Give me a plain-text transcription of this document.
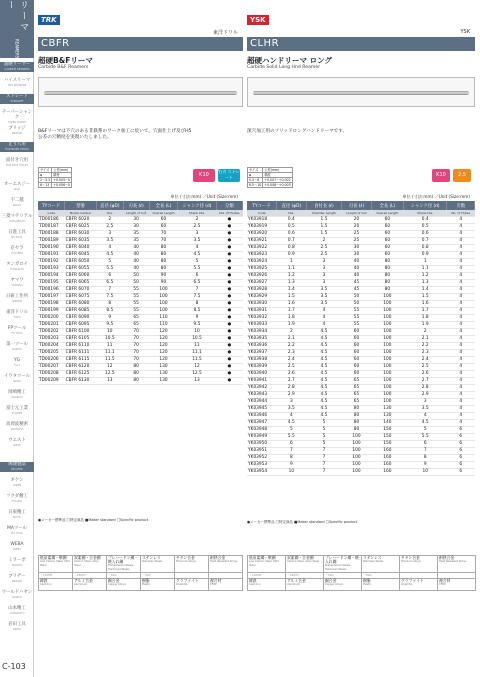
リーマー
REAMERS
超硬リーマー
CARBIDE REAMERS
ハイスリーマ
HSS REAMERS
ストレート
STRAIGHT
テーパーシャンク
TAPER SHANK
ブリッジ
BRIDGE
止り穴用
FOR BLIND HOLES
面付き穴用
FOR FACE HOLES
オーエスジー
OSG
不二越
NACHI
三菱マテリアル
MITSUBISHI
日進工具
NS TOOL
京セラ
KYOCERA
タンガロイ
TUNGALOY
ヤマワ
YAMAWA
日研工作所
NIKKEN
東洋ドリル
TOYO
FPツール
FP TOOL
第一ツール
DAIICHI
YG
YG-1
イワタツール
IWATA
岡崎精工
OKAZAKI
富士元工業
FUJIGEN
高周波精密
KOSHUHA
ウエスト
WEST
関連製品
RELATED
ギケン
GIKEN
フクダ精工
FUKUDA
日東精工
NITTO
MAツール
MA TOOL
WEBA
WEBA
ミラーポ
MIRAPO
ブリヂー
BRIDGE
ワールドハヤシ
WORLD
山本精工
YAMAMOTO
岩田工具
IWATA
C-103
TRK
東洋ドリル
CBFR
超硬B&Fリーマ
Carbide B&F Reamers
B&Fリーマは下穴のある非鉄系のワーク加工に於いて、穴面仕上げ及びH5
公差の穴精度を実現いたしました。
サイズ	公差(mm)
φ	精度
2～5.5	+0.005~0
6～13	+0.006~0
K10
右刃 ストレート
単位 (寸法:mm) ／Unit (Size:mm)
TYコード	型番	直径 (φD)	刃長 (ℓ)	全長 (L)	シャンク径 (d)	分類
Code	Model number	Dia.	Length of Cut	Overall Length	Shank Dia.	Dia. Of Flutes
TD00186	CBFR 6020	2	30	60	2	●
TD00187	CBFR 6025	2.5	30	60	2.5	●
TD00188	CBFR 6030	3	35	70	3	●
TD00189	CBFR 6035	3.5	35	70	3.5	●
TD00190	CBFR 6040	4	40	80	4	●
TD00191	CBFR 6045	4.5	40	80	4.5	●
TD00192	CBFR 6050	5	40	80	5	●
TD00193	CBFR 6055	5.5	40	80	5.5	●
TD00194	CBFR 6060	6	50	90	6	●
TD00195	CBFR 6065	6.5	50	90	6.5	●
TD00196	CBFR 6070	7	55	100	7	●
TD00197	CBFR 6075	7.5	55	100	7.5	●
TD00198	CBFR 6080	8	55	100	8	●
TD00199	CBFR 6085	8.5	55	100	8.5	●
TD00200	CBFR 6090	9	65	110	9	●
TD00201	CBFR 6095	9.5	65	110	9.5	●
TD00202	CBFR 6100	10	70	120	10	●
TD00203	CBFR 6105	10.5	70	120	10.5	●
TD00204	CBFR 6110	11	70	120	11	●
TD00205	CBFR 6111	11.1	70	120	11.1	●
TD00206	CBFR 6115	11.5	70	120	11.5	●
TD00207	CBFR 6120	12	80	130	12	●
TD00208	CBFR 6125	12.5	80	130	12.5	●
TD00209	CBFR 6130	13	80	130	13	●
●メーカー標準品 □特定商品 ■Maker standard □Specific product
YSK
YSK
CLHR
超硬ハンドリーマ ロング
Carbide Solid Long Hnd Reamer
深穴加工用のソリッドロングハンドリーマです。
サイズ	公差(mm)
φ	精度
0.4～6	+0.007~+0.002
6.5～10	+0.008~+0.003
K10	2.5
単位 (寸法:mm) ／Unit (Size:mm)
TYコード	直径 (φD)	食付長 (ℓ)	刃長 (ℓ)	全長 (L)	シャンク径 (d)	刃数
Code	Dia.	Chamfer Length	Length of Cut	Overall Length	Shank Dia.	No. of Flutes
YK03918	0.4	1.5	20	60	0.4	4
YK03919	0.5	1.5	20	60	0.5	4
YK03920	0.6	1.5	25	60	0.6	4
YK03921	0.7	2	25	60	0.7	4
YK03922	0.8	2.5	30	60	0.8	4
YK03923	0.9	2.5	30	60	0.9	4
YK03924	1	3	40	80	1	4
YK03925	1.1	3	40	80	1.1	4
YK03926	1.2	3	40	80	1.2	4
YK03927	1.3	3	45	80	1.3	4
YK03928	1.4	3.5	45	80	1.4	4
YK03929	1.5	3.5	50	100	1.5	4
YK03930	1.6	3.5	50	100	1.6	4
YK03931	1.7	4	55	100	1.7	4
YK03932	1.8	4	55	100	1.8	4
YK03933	1.9	4	55	100	1.9	4
YK03934	2	4.5	60	100	2	4
YK03935	2.1	4.5	60	100	2.1	4
YK03936	2.2	4.5	60	100	2.2	4
YK03937	2.3	4.5	60	100	2.3	4
YK03938	2.4	4.5	60	100	2.4	4
YK03939	2.5	4.5	60	100	2.5	4
YK03940	2.6	4.5	60	100	2.6	4
YK03941	2.7	4.5	65	100	2.7	4
YK03942	2.8	4.5	65	100	2.8	4
YK03943	2.9	4.5	65	100	2.9	4
YK03944	3	4.5	65	100	3	4
YK03945	3.5	4.5	80	130	3.5	4
YK03946	4	4.5	80	130	4	4
YK03947	4.5	5	80	140	4.5	4
YK03948	5	5	80	150	5	6
YK03949	5.5	5	100	150	5.5	6
YK03950	6	5	100	150	6	6
YK03951	7	7	100	160	7	6
YK03952	8	7	100	160	8	6
YK03953	9	7	100	160	9	6
YK03954	10	7	100	160	10	6
●メーカー標準品 □特定商品 ■Maker standard □Specific product
低炭素鋼・軟鋼
Low Carbon Steel, Mild Steel	炭素鋼・合金鋼
Carbon Steel, Alloy Steel	プレハードン鋼・焼入れ鋼
Prehardened Steels, Hardened Steels	ステンレス
Stainless Steels	チタン合金
Titanium Alloys	耐熱合金
Heat Resistant Alloys

〜120HB	〜480HC	〜HRC	〜HRC		
鋳鉄
Cast Iron	アルミ合金
Aluminum	銅合金
Copper Alloys	樹脂
Plastic	グラファイト
Graphite	複合材
CFRP
低炭素鋼・軟鋼
Low Carbon Steel, Mild Steel	炭素鋼・合金鋼
Carbon Steel, Alloy Steel	プレハードン鋼・焼入れ鋼
Prehardened Steels, Hardened Steels	ステンレス
Stainless Steels	チタン合金
Titanium Alloys	耐熱合金
Heat Resistant Alloys

〜120HB	〜480HC	〜HRC	〜HRC		
鋳鉄
Cast Iron	アルミ合金
Aluminum	銅合金
Copper Alloys	樹脂
Plastic	グラファイト
Graphite	複合材
CFRP
